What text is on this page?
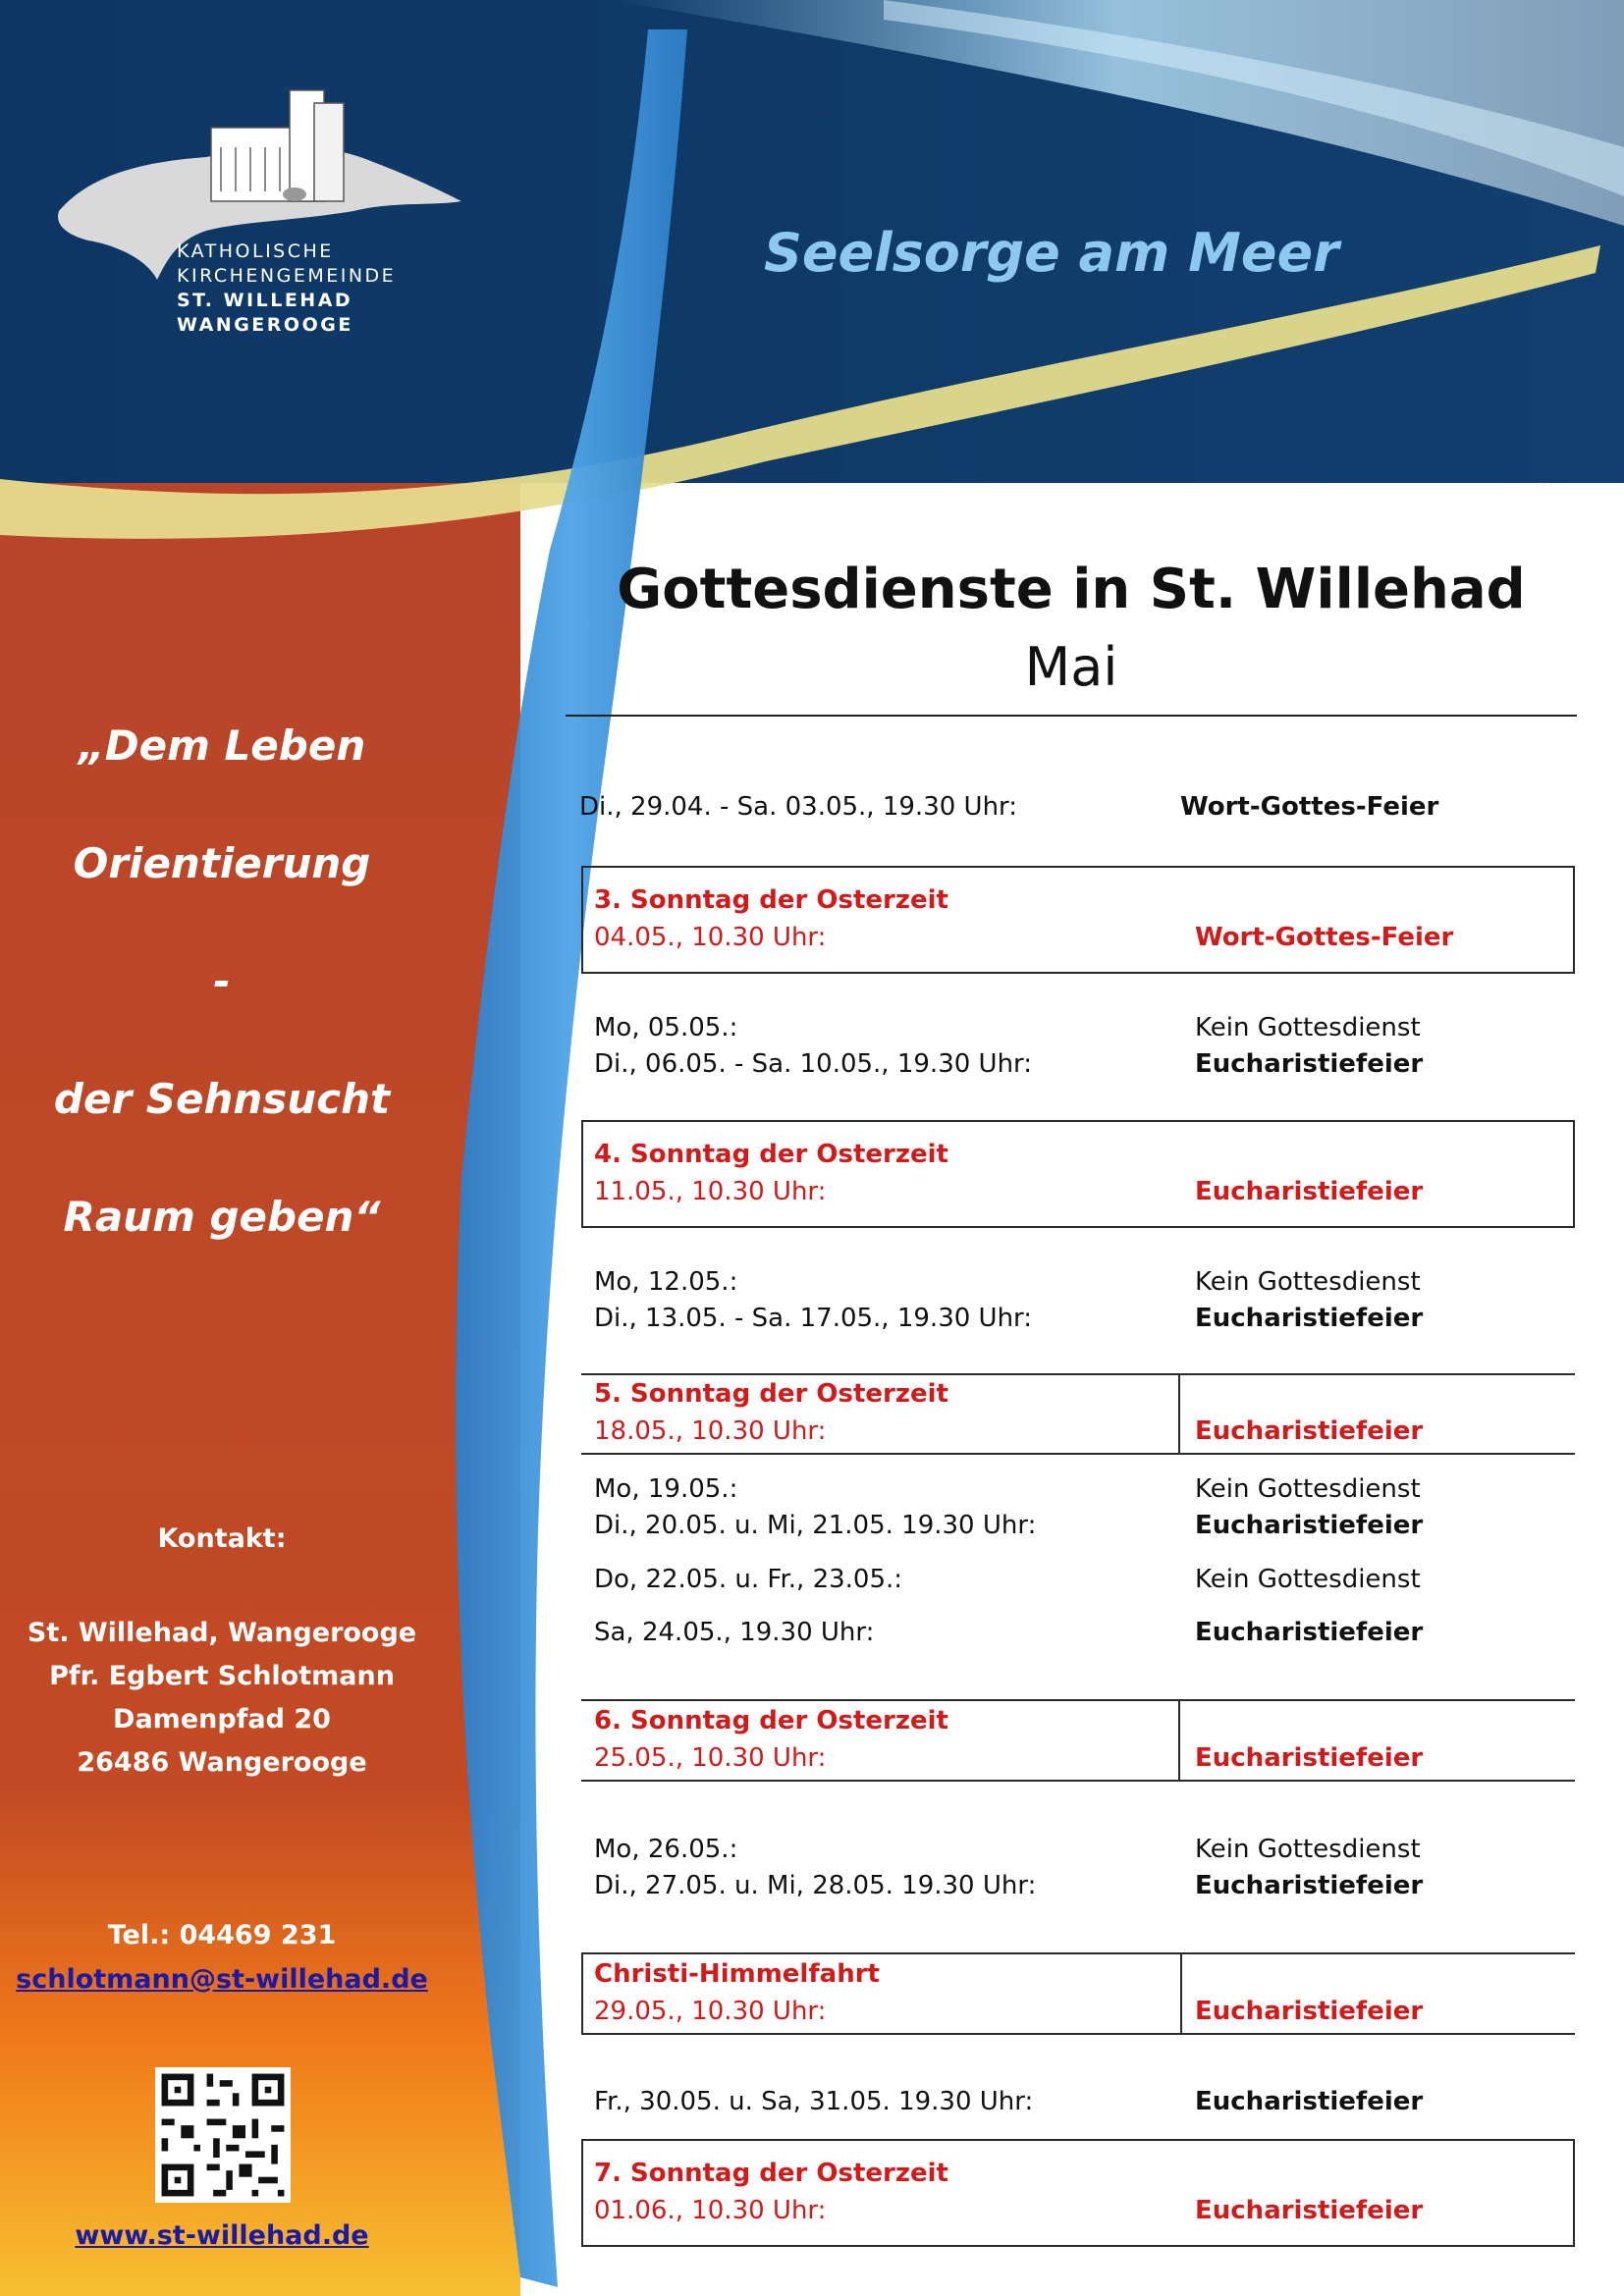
KATHOLISCHE
KIRCHENGEMEINDE
ST. WILLEHAD
WANGEROOGE
Seelsorge am Meer
„Dem Leben
Orientierung
-
der Sehnsucht
Raum geben“
Kontakt:
St. Willehad, Wangerooge
Pfr. Egbert Schlotmann
Damenpfad 20
26486 Wangerooge
Tel.: 04469 231
schlotmann@st-willehad.de
www.st-willehad.de
Gottesdienste in St. Willehad
Mai
Di., 29.04. - Sa. 03.05., 19.30 Uhr:	Wort-Gottes-Feier
3. Sonntag der Osterzeit
04.05., 10.30 Uhr:	Wort-Gottes-Feier
Mo, 05.05.:	Kein Gottesdienst
Di., 06.05. - Sa. 10.05., 19.30 Uhr:	Eucharistiefeier
4. Sonntag der Osterzeit
11.05., 10.30 Uhr:	Eucharistiefeier
Mo, 12.05.:	Kein Gottesdienst
Di., 13.05. - Sa. 17.05., 19.30 Uhr:	Eucharistiefeier
5. Sonntag der Osterzeit
18.05., 10.30 Uhr:	Eucharistiefeier
Mo, 19.05.:	Kein Gottesdienst
Di., 20.05. u. Mi, 21.05. 19.30 Uhr:	Eucharistiefeier
Do, 22.05. u. Fr., 23.05.:	Kein Gottesdienst
Sa, 24.05., 19.30 Uhr:	Eucharistiefeier
6. Sonntag der Osterzeit
25.05., 10.30 Uhr:	Eucharistiefeier
Mo, 26.05.:	Kein Gottesdienst
Di., 27.05. u. Mi, 28.05. 19.30 Uhr:	Eucharistiefeier
Christi-Himmelfahrt
29.05., 10.30 Uhr:	Eucharistiefeier
Fr., 30.05. u. Sa, 31.05. 19.30 Uhr:	Eucharistiefeier
7. Sonntag der Osterzeit
01.06., 10.30 Uhr:	Eucharistiefeier
